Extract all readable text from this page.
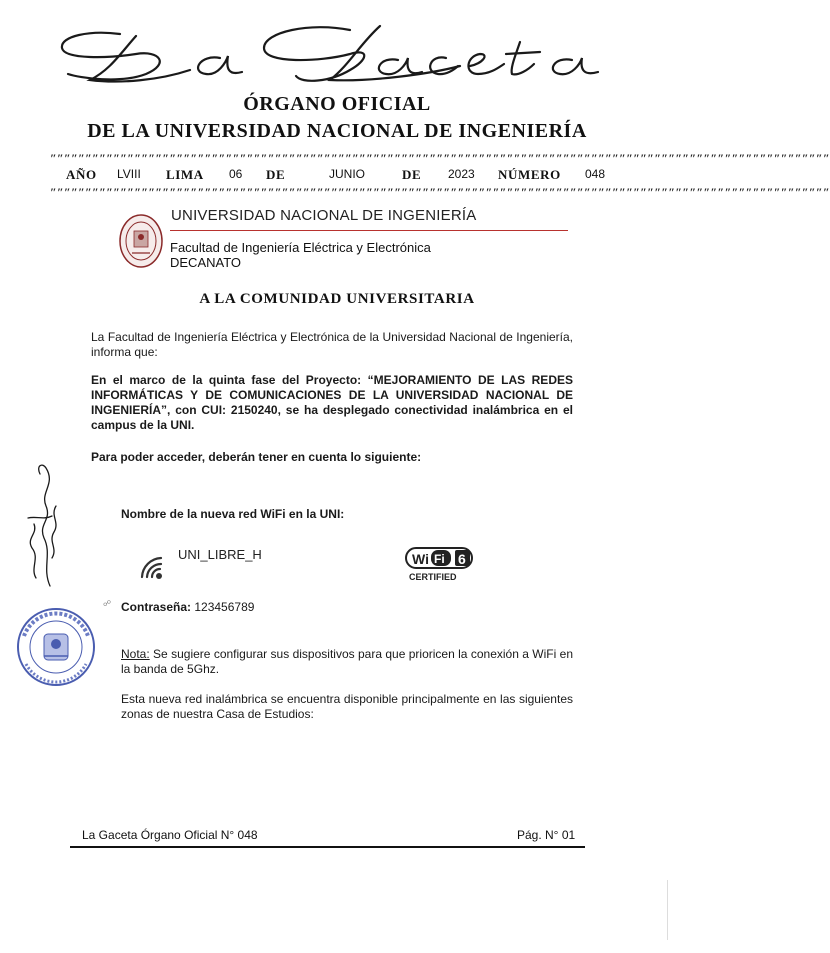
ÓRGANO OFICIAL
DE LA UNIVERSIDAD NACIONAL DE INGENIERÍA
″″″″″″″″″″″″″″″″″″″″″″″″″″″″″″″″″″″″″″″″″″″″″″″″″″″″″″″″″″″″″″″″″″″″″″″″″″″″″″″″″″″″″″″″″″″″″″″″″″″″″″″″″″″″″″″
AÑO LVIII LIMA 06 DE	JUNIO	DE 2023 NÚMERO 048
″″″″″″″″″″″″″″″″″″″″″″″″″″″″″″″″″″″″″″″″″″″″″″″″″″″″″″″″″″″″″″″″″″″″″″″″″″″″″″″″″″″″″″″″″″″″″″″″″″″″″″″″″″″″″″″
UNIVERSIDAD NACIONAL DE INGENIERÍA
Facultad de Ingeniería Eléctrica y Electrónica
DECANATO
A LA COMUNIDAD UNIVERSITARIA
La Facultad de Ingeniería Eléctrica y Electrónica de la Universidad Nacional de Ingeniería, informa que:
En el marco de la quinta fase del Proyecto: “MEJORAMIENTO DE LAS REDES INFORMÁTICAS Y DE COMUNICACIONES DE LA UNIVERSIDAD NACIONAL DE INGENIERÍA”, con CUI: 2150240, se ha desplegado conectividad inalámbrica en el campus de la UNI.
Para poder acceder, deberán tener en cuenta lo siguiente:
Nombre de la nueva red WiFi en la UNI:
UNI_LIBRE_H	Wi Fi 6
CERTIFIED
☍ Contraseña: 123456789
Nota: Se sugiere configurar sus dispositivos para que prioricen la conexión a WiFi en la banda de 5Ghz.
Esta nueva red inalámbrica se encuentra disponible principalmente en las siguientes zonas de nuestra Casa de Estudios:
La Gaceta Órgano Oficial N° 048	Pág. N° 01
